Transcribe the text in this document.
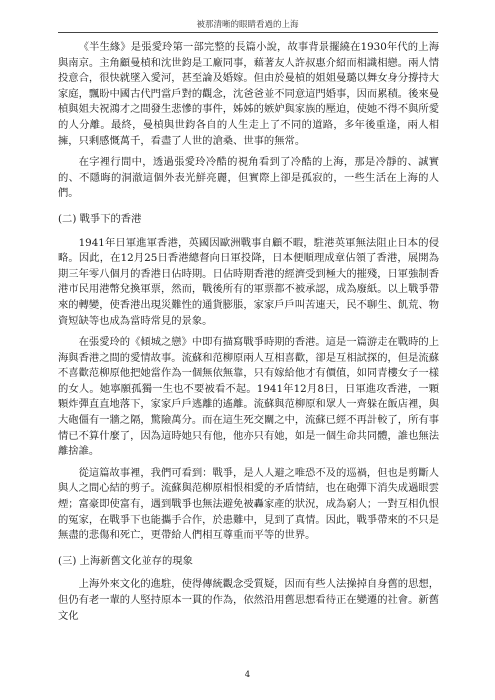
被那清晰的眼睛看過的上海

《半生緣》是張愛玲第一部完整的長篇小說，故事背景擺繞在1930年代的上海與南京。主角顧曼楨和沈世鈞是工廠同事，藉著友人許叔惠介紹而相識相戀。兩人情投意合，很快就墜入愛河，甚至論及婚嫁。但由於曼楨的姐姐曼璐以舞女身分撐持大家庭，飄盼中國古代門當戶對的觀念，沈爸爸並不同意這門婚事，因而累積。後來曼楨與姐夫祝鴻才之間發生悲慘的事件，姊姊的嫉妒與家族的壓迫，使她不得不與所愛的人分離。最終，曼楨與世鈞各自的人生走上了不同的道路，多年後重逢，兩人相擁，只剩感慨萬千，看盡了人世的滄桑、世事的無常。

在字裡行間中，透過張愛玲冷酷的視角看到了冷酷的上海，那是冷靜的、誠實的、不隱晦的洞澈這個外表光鮮亮麗，但實際上卻是孤寂的，一些生活在上海的人們。

(二) 戰爭下的香港

1941年日軍進軍香港，英國因歐洲戰事自顧不暇，駐港英軍無法阻止日本的侵略。因此，在12月25日香港總督向日軍投降，日本便順理成章佔領了香港，展開為期三年零八個月的香港日佔時期。日佔時期香港的經濟受到極大的摧殘，日軍強制香港市民用港幣兌換軍票，然而，戰後所有的軍票都不被承認，成為廢紙。以上戰爭帶來的轉變，使香港出現災難性的通貨膨脹，家家戶戶叫苦連天，民不聊生、飢荒、物資短缺等也成為當時常見的景象。

在張愛玲的《傾城之戀》中即有描寫戰爭時期的香港。這是一篇游走在戰時的上海與香港之間的愛情故事。流蘇和范柳原兩人互相喜歡，卻是互相試探的，但是流蘇不喜歡范柳原他把她當作為一個無依無靠，只有嫁給他才有價值，如同青樓女子一樣的女人。她寧願孤獨一生也不要被看不起。1941年12月8日，日軍進攻香港，一顆顆炸彈直直地落下，家家戶戶逃離的遙離。流蘇與范柳原和眾人一齊躲在飯店裡，與大砲僵有一牆之隔，驚險萬分。而在這生死交關之中，流蘇已經不再計較了，所有事情已不算什麼了，因為這時她只有他，他亦只有她，如是一個生命共同體，誰也無法離捨誰。

從這篇故事裡，我們可看到：戰爭，是人人避之唯恐不及的巡禍，但也是剪斷人與人之間心結的剪子。流蘇與范柳原相恨相愛的矛盾情結，也在砲彈下消失成過眼雲煙；富豪即使富有，遇到戰爭也無法避免被轟家產的狀況，成為窮人；一對互相仇恨的冤家，在戰爭下也能攜手合作，於患難中，見到了真情。因此，戰爭帶來的不只是無盡的悲傷和死亡，更帶給人們相互尊重而平等的世界。

(三) 上海新舊文化並存的現象

上海外來文化的進駐，使得傳統觀念受質疑，因而有些人法操掉自身舊的思想，但仍有老一輩的人堅持原本一貫的作為，依然沿用舊思想看待正在變遷的社會。新舊文化

4
